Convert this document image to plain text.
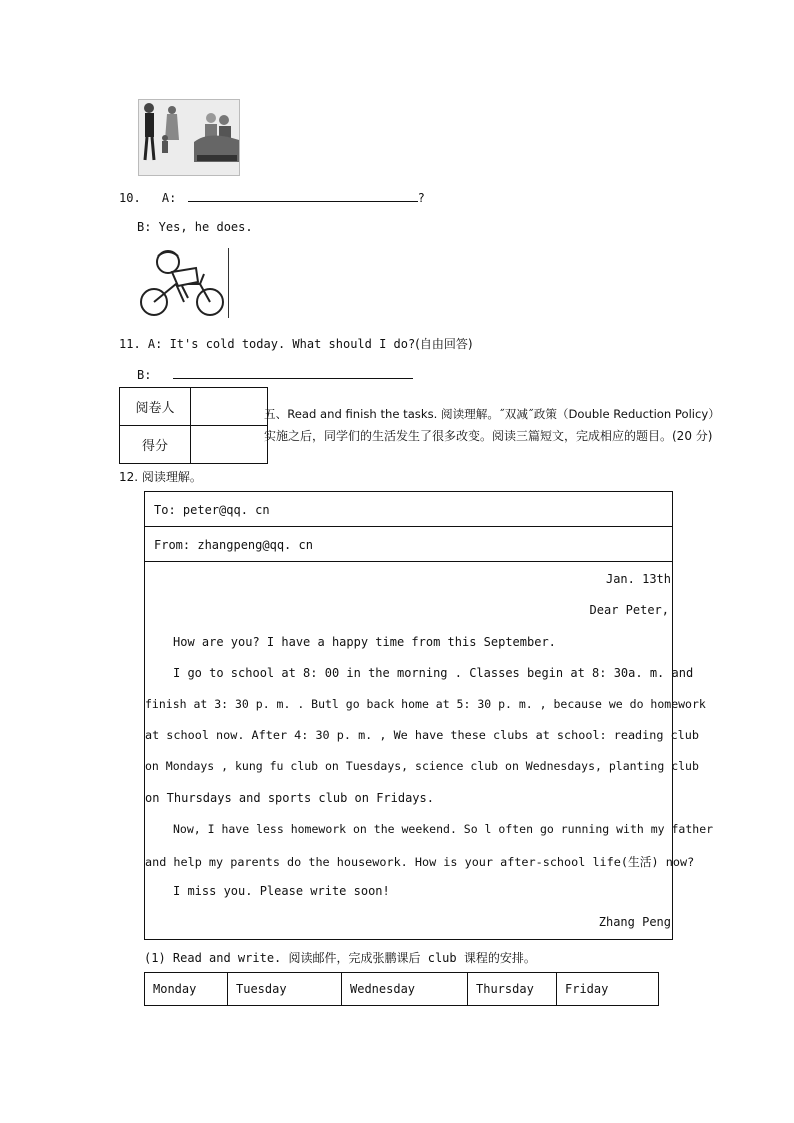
10. A:	?
B: Yes, he does.
11. A: It's cold today. What should I do?(自由回答)
B:
阅卷人	
得分	
五、Read and finish the tasks. 阅读理解。˝双减˝政策（Double Reduction Policy）
实施之后，同学们的生活发生了很多改变。阅读三篇短文，完成相应的题目。(20 分)
12. 阅读理解。
To: peter@qq. cn
From: zhangpeng@qq. cn
Jan. 13th
Dear Peter,
How are you? I have a happy time from this September.
I go to school at 8: 00 in the morning . Classes begin at 8: 30a. m. and
finish at 3: 30 p. m. . Butl go back home at 5: 30 p. m. , because we do homework
at school now. After 4: 30 p. m. , We have these clubs at school: reading club
on Mondays , kung fu club on Tuesdays, science club on Wednesdays, planting club
on Thursdays and sports club on Fridays.
Now, I have less homework on the weekend. So l often go running with my father
and help my parents do the housework. How is your after-school life(生活) now?
I miss you. Please write soon!
Zhang Peng
(1) Read and write. 阅读邮件，完成张鹏课后 club 课程的安排。
Monday	Tuesday	Wednesday	Thursday	Friday
